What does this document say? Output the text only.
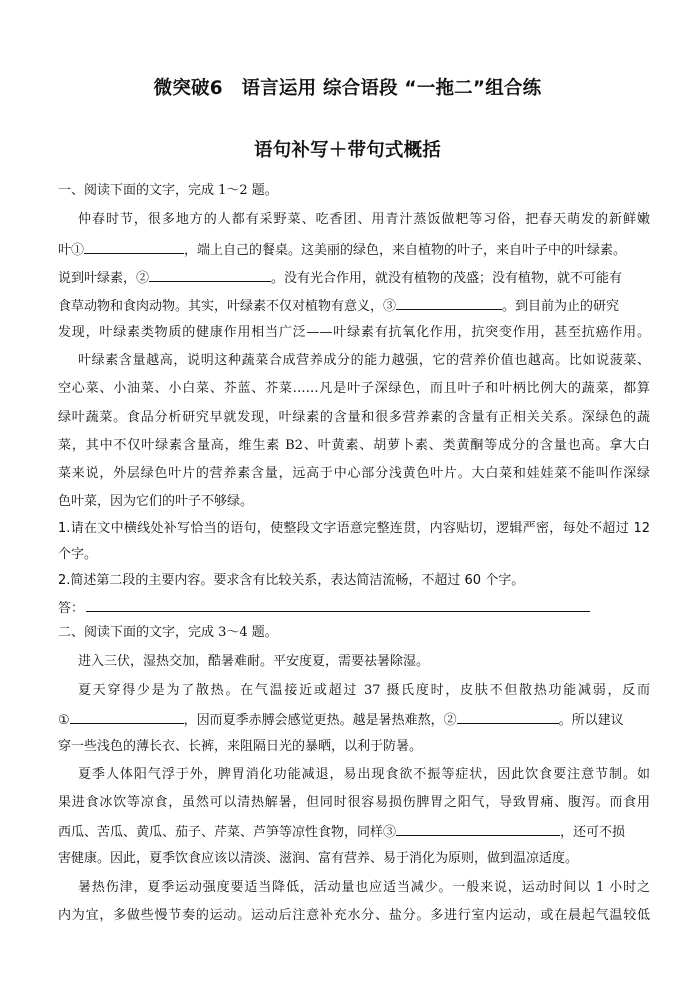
微突破6　语言运用 综合语段 “一拖二”组合练
语句补写＋带句式概括
一、阅读下面的文字，完成 1～2 题。
仲春时节，很多地方的人都有采野菜、吃香团、用青汁蒸饭做粑等习俗，把春天萌发的新鲜嫩
叶①	，端上自己的餐桌。这美丽的绿色，来自植物的叶子，来自叶子中的叶绿素。
说到叶绿素，②	。没有光合作用，就没有植物的茂盛；没有植物，就不可能有
食草动物和食肉动物。其实，叶绿素不仅对植物有意义，③	。到目前为止的研究
发现，叶绿素类物质的健康作用相当广泛——叶绿素有抗氧化作用，抗突变作用，甚至抗癌作用。
叶绿素含量越高，说明这种蔬菜合成营养成分的能力越强，它的营养价值也越高。比如说菠菜、
空心菜、小油菜、小白菜、芥蓝、芥菜……凡是叶子深绿色，而且叶子和叶柄比例大的蔬菜，都算
绿叶蔬菜。食品分析研究早就发现，叶绿素的含量和很多营养素的含量有正相关关系。深绿色的蔬
菜，其中不仅叶绿素含量高，维生素 B2、叶黄素、胡萝卜素、类黄酮等成分的含量也高。拿大白
菜来说，外层绿色叶片的营养素含量，远高于中心部分浅黄色叶片。大白菜和娃娃菜不能叫作深绿
色叶菜，因为它们的叶子不够绿。
1.请在文中横线处补写恰当的语句，使整段文字语意完整连贯，内容贴切，逻辑严密，每处不超过 12
个字。
2.简述第二段的主要内容。要求含有比较关系，表达简洁流畅，不超过 60 个字。
答：
二、阅读下面的文字，完成 3～4 题。
进入三伏，湿热交加，酷暑难耐。平安度夏，需要祛暑除湿。
夏天穿得少是为了散热。在气温接近或超过 37 摄氏度时，皮肤不但散热功能减弱，反而
①	，因而夏季赤膊会感觉更热。越是暑热难熬，②	。所以建议
穿一些浅色的薄长衣、长裤，来阻隔日光的暴晒，以利于防暑。
夏季人体阳气浮于外，脾胃消化功能减退，易出现食欲不振等症状，因此饮食要注意节制。如
果进食冰饮等凉食，虽然可以清热解暑，但同时很容易损伤脾胃之阳气，导致胃痛、腹泻。而食用
西瓜、苦瓜、黄瓜、茄子、芹菜、芦笋等凉性食物，同样③	，还可不损
害健康。因此，夏季饮食应该以清淡、滋润、富有营养、易于消化为原则，做到温凉适度。
暑热伤津，夏季运动强度要适当降低，活动量也应适当减少。一般来说，运动时间以 1 小时之
内为宜，多做些慢节奏的运动。运动后注意补充水分、盐分。多进行室内运动，或在晨起气温较低
